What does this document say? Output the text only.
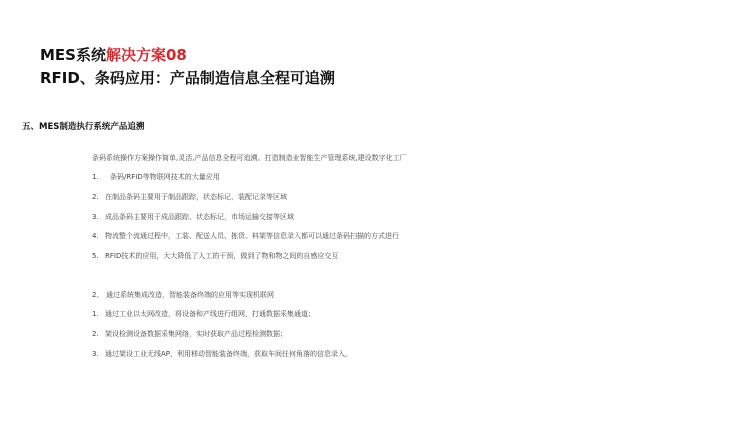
MES系统解决方案08
RFID、条码应用：产品制造信息全程可追溯
五、MES制造执行系统产品追溯
条码系统操作方案操作简单,灵活,产品信息全程可追溯。打造制造业智能生产管理系统,建设数字化工厂
1. 条码/RFID等物联网技术的大量应用
2. 在制品条码主要用于制品跟踪，状态标记，装配记录等区域
3. 成品条码主要用于成品跟踪，状态标记，市场运输交接等区域
4. 物流整个流通过程中，工装、配送人员、拣货、料架等信息录入都可以通过条码扫描的方式进行
5. RFID技术的应用，大大降低了人工的干预，做到了物和物之间的自感应交互
2、 通过系统集成改造，智能装备终端的应用等实现机联网
1. 通过工业以太网改造，将设备和产线进行组网，打通数据采集通道；
2. 架设检测设备数据采集网络，实时获取产品过程检测数据；
3. 通过架设工业无线AP，利用移动智能装备终端，获取车间任何角落的信息录入。
